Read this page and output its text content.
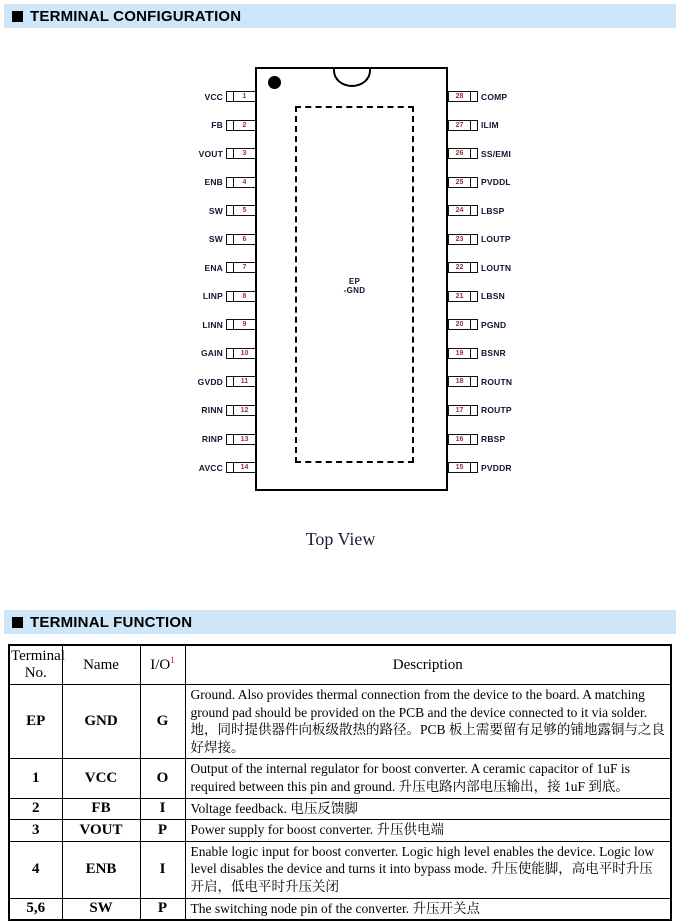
TERMINAL CONFIGURATION
EP
-GND
VCC	1
FB	2
VOUT	3
ENB	4
SW	5
SW	6
ENA	7
LINP	8
LINN	9
GAIN	10
GVDD	11
RINN	12
RINP	13
AVCC	14
28 COMP
27 ILIM
26 SS/EMI
25 PVDDL
24 LBSP
23 LOUTP
22 LOUTN
21 LBSN
20 PGND
19 BSNR
18 ROUTN
17 ROUTP
16 RBSP
15 PVDDR
Top View
TERMINAL FUNCTION
Terminal No.	Name	$I/O^1$	Description
EP	GND	G	Ground. Also provides thermal connection from the device to the board. A matching ground pad should be provided on the PCB and the device connected to it via solder.
地，同时提供器件向板级散热的路径。PCB 板上需要留有足够的铺地露铜与之良好焊接。

1	VCC	O	Output of the internal regulator for boost converter. A ceramic capacitor of 1uF is required between this pin and ground. 升压电路内部电压输出，接 1uF 到底。

2	FB	I	Voltage feedback. 电压反馈脚

3	VOUT	P	Power supply for boost converter. 升压供电端

4	ENB	I	Enable logic input for boost converter. Logic high level enables the device. Logic low level disables the device and turns it into bypass mode. 升压使能脚，高电平时升压开启，低电平时升压关闭

5,6	SW	P	The switching node pin of the converter. 升压开关点
